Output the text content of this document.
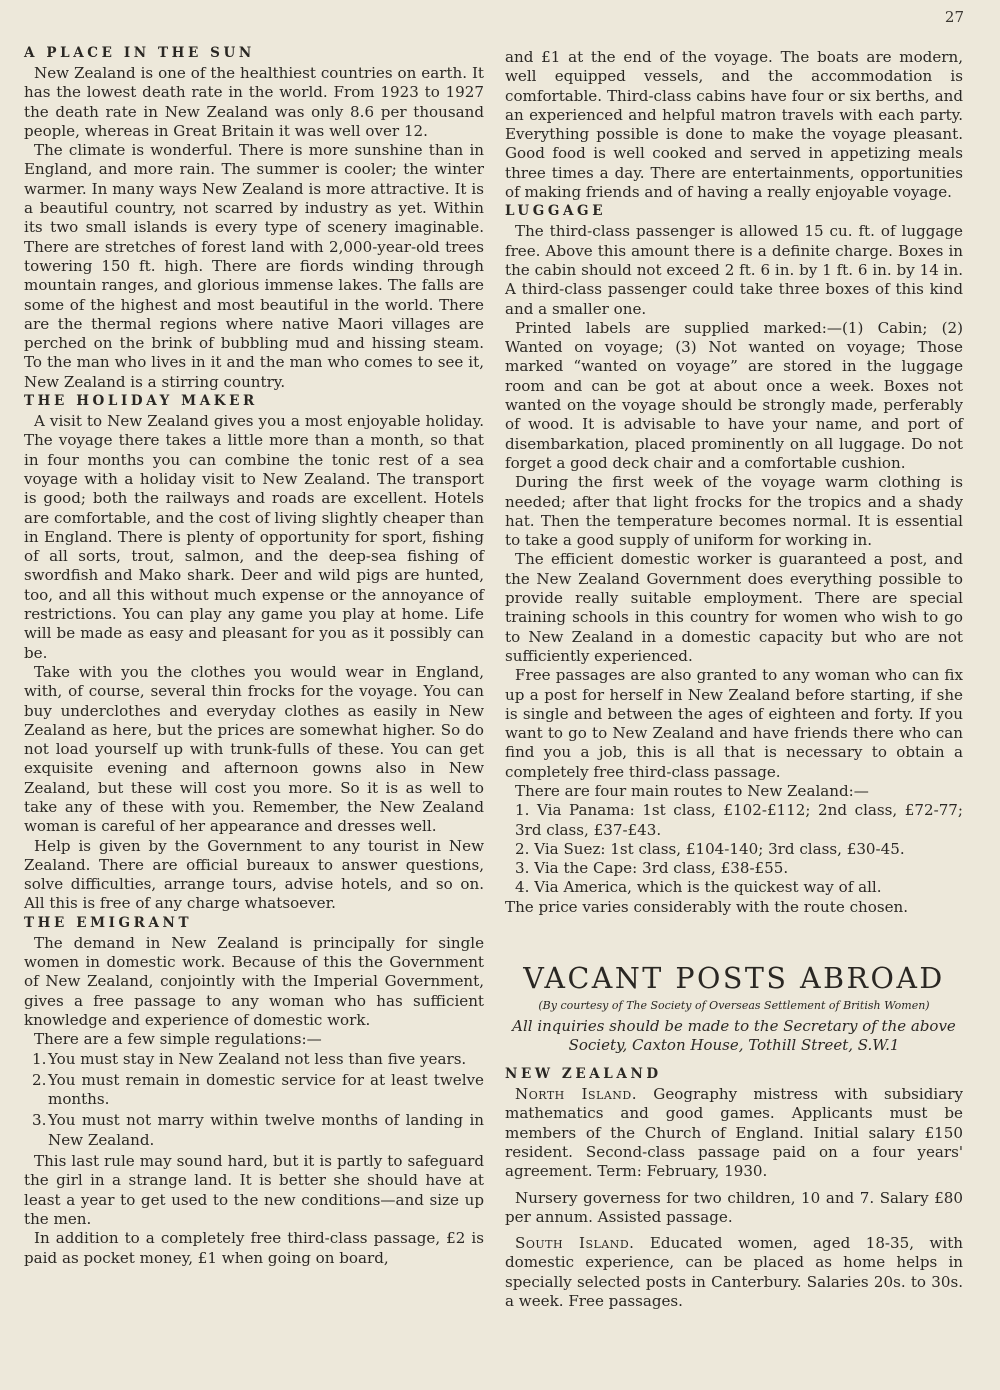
27
A PLACE IN THE SUN

New Zealand is one of the healthiest countries on earth. It has the lowest death rate in the world. From 1923 to 1927 the death rate in New Zealand was only 8.6 per thousand people, whereas in Great Britain it was well over 12.

The climate is wonderful. There is more sunshine than in England, and more rain. The summer is cooler; the winter warmer. In many ways New Zealand is more attractive. It is a beautiful country, not scarred by industry as yet. Within its two small islands is every type of scenery imaginable. There are stretches of forest land with 2,000-year-old trees towering 150 ft. high. There are fiords winding through mountain ranges, and glorious immense lakes. The falls are some of the highest and most beautiful in the world. There are the thermal regions where native Maori villages are perched on the brink of bubbling mud and hissing steam. To the man who lives in it and the man who comes to see it, New Zealand is a stirring country.

THE HOLIDAY MAKER

A visit to New Zealand gives you a most enjoyable holiday. The voyage there takes a little more than a month, so that in four months you can combine the tonic rest of a sea voyage with a holiday visit to New Zealand. The transport is good; both the railways and roads are excellent. Hotels are comfortable, and the cost of living slightly cheaper than in England. There is plenty of opportunity for sport, fishing of all sorts, trout, salmon, and the deep-sea fishing of swordfish and Mako shark. Deer and wild pigs are hunted, too, and all this without much expense or the annoyance of restrictions. You can play any game you play at home. Life will be made as easy and pleasant for you as it possibly can be.

Take with you the clothes you would wear in England, with, of course, several thin frocks for the voyage. You can buy underclothes and everyday clothes as easily in New Zealand as here, but the prices are somewhat higher. So do not load yourself up with trunk-fulls of these. You can get exquisite evening and afternoon gowns also in New Zealand, but these will cost you more. So it is as well to take any of these with you. Remember, the New Zealand woman is careful of her appearance and dresses well.

Help is given by the Government to any tourist in New Zealand. There are official bureaux to answer questions, solve difficulties, arrange tours, advise hotels, and so on. All this is free of any charge whatsoever.

THE EMIGRANT

The demand in New Zealand is principally for single women in domestic work. Because of this the Government of New Zealand, conjointly with the Imperial Government, gives a free passage to any woman who has sufficient knowledge and experience of domestic work.

There are a few simple regulations:—

1. You must stay in New Zealand not less than five years.
2. You must remain in domestic service for at least twelve months.
3. You must not marry within twelve months of landing in New Zealand.

This last rule may sound hard, but it is partly to safeguard the girl in a strange land. It is better she should have at least a year to get used to the new conditions—and size up the men.

In addition to a completely free third-class passage, £2 is paid as pocket money, £1 when going on board,

and £1 at the end of the voyage. The boats are modern, well equipped vessels, and the accommodation is comfortable. Third-class cabins have four or six berths, and an experienced and helpful matron travels with each party. Everything possible is done to make the voyage pleasant. Good food is well cooked and served in appetizing meals three times a day. There are entertainments, opportunities of making friends and of having a really enjoyable voyage.

LUGGAGE

The third-class passenger is allowed 15 cu. ft. of luggage free. Above this amount there is a definite charge. Boxes in the cabin should not exceed 2 ft. 6 in. by 1 ft. 6 in. by 14 in. A third-class passenger could take three boxes of this kind and a smaller one.

Printed labels are supplied marked:—(1) Cabin; (2) Wanted on voyage; (3) Not wanted on voyage; Those marked “wanted on voyage” are stored in the luggage room and can be got at about once a week. Boxes not wanted on the voyage should be strongly made, perferably of wood. It is advisable to have your name, and port of disembarkation, placed prominently on all luggage. Do not forget a good deck chair and a comfortable cushion.

During the first week of the voyage warm clothing is needed; after that light frocks for the tropics and a shady hat. Then the temperature becomes normal. It is essential to take a good supply of uniform for working in.

The efficient domestic worker is guaranteed a post, and the New Zealand Government does everything possible to provide really suitable employment. There are special training schools in this country for women who wish to go to New Zealand in a domestic capacity but who are not sufficiently experienced.

Free passages are also granted to any woman who can fix up a post for herself in New Zealand before starting, if she is single and between the ages of eighteen and forty. If you want to go to New Zealand and have friends there who can find you a job, this is all that is necessary to obtain a completely free third-class passage.

There are four main routes to New Zealand:—

1. Via Panama: 1st class, £102-£112; 2nd class, £72-77; 3rd class, £37-£43.

2. Via Suez: 1st class, £104-140; 3rd class, £30-45.

3. Via the Cape: 3rd class, £38-£55.

4. Via America, which is the quickest way of all.

The price varies considerably with the route chosen.

VACANT POSTS ABROAD
(By courtesy of The Society of Overseas Settlement of British Women)
All inquiries should be made to the Secretary of the above Society, Caxton House, Tothill Street, S.W.1
NEW ZEALAND

North Island. Geography mistress with subsidiary mathematics and good games. Applicants must be members of the Church of England. Initial salary £150 resident. Second-class passage paid on a four years' agreement. Term: February, 1930.

Nursery governess for two children, 10 and 7. Salary £80 per annum. Assisted passage.

South Island. Educated women, aged 18-35, with domestic experience, can be placed as home helps in specially selected posts in Canterbury. Salaries 20s. to 30s. a week. Free passages.
